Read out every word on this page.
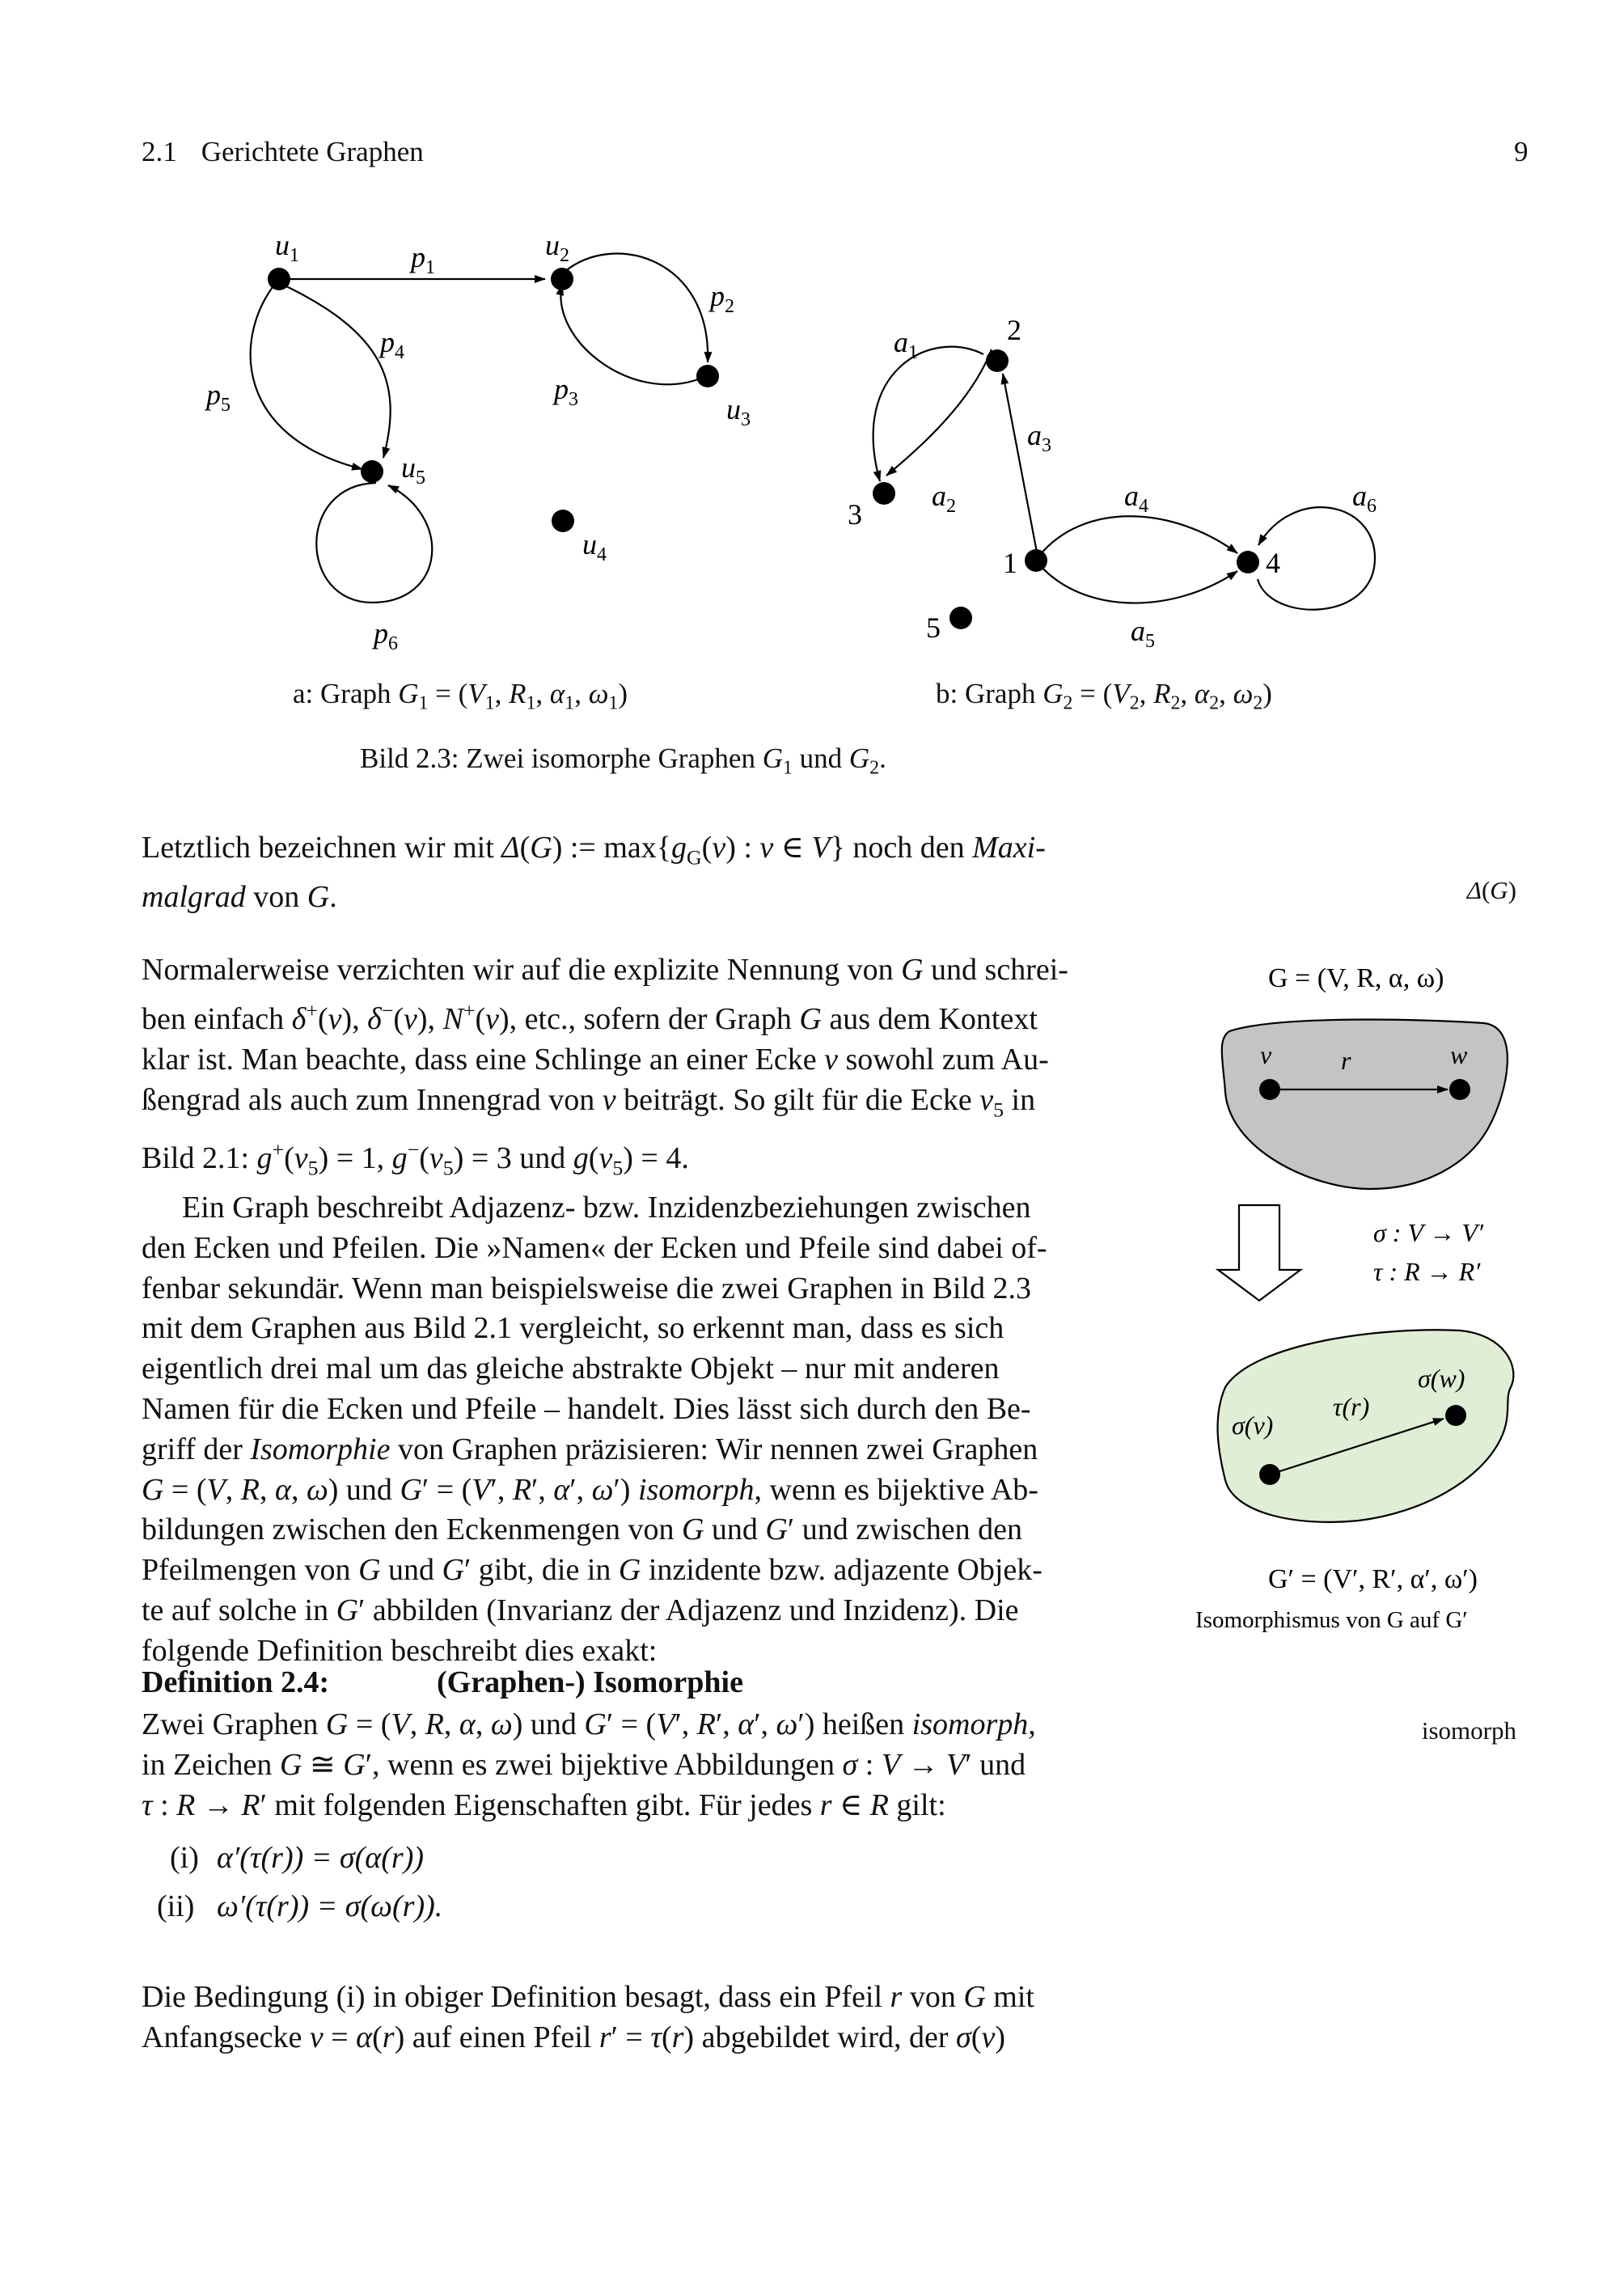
2.1 Gerichtete Graphen	9
$u_1$	$u_2$
$u_3$
$u_4$
$u_5$
$p_1$
$p_2$
$p_3$
$p_4$
$p_5$
$p_6$
1
2
3
4
5
$a_1$
$a_2$
$a_3$
$a_4$
$a_5$
$a_6$
a: Graph $G_1 = (V_1$, $R_1$, $\alpha_1$, $\omega_1$)	b: Graph $G_2 = (V_2$, $R_2$, $\alpha_2$, $\omega_2$)
Bild 2.3: Zwei isomorphe Graphen $G_1$ und $G_2$.

Letztlich bezeichnen wir mit Δ(G) := $\max\{g_G(v)$ : v ∈ V} noch den Maxi-
malgrad von G.	Δ(G)

Normalerweise verzichten wir auf die explizite Nennung von G und schrei-
ben einfach δ+(v), δ−(v), N+(v), etc., sofern der Graph G aus dem Kontext
klar ist. Man beachte, dass eine Schlinge an einer Ecke v sowohl zum Au-
ßengrad als auch zum Innengrad von v beiträgt. So gilt für die Ecke $v_5$ in
Bild 2.1: $g^+(v_5) = 1$, $g^-(v_5) = 3$ und $g(v_5) = 4$.

Ein Graph beschreibt Adjazenz- bzw. Inzidenzbeziehungen zwischen
den Ecken und Pfeilen. Die »Namen« der Ecken und Pfeile sind dabei of-
fenbar sekundär. Wenn man beispielsweise die zwei Graphen in Bild 2.3
mit dem Graphen aus Bild 2.1 vergleicht, so erkennt man, dass es sich
eigentlich drei mal um das gleiche abstrakte Objekt – nur mit anderen
Namen für die Ecken und Pfeile – handelt. Dies lässt sich durch den Be-
griff der Isomorphie von Graphen präzisieren: Wir nennen zwei Graphen
G = (V, R, α, ω) und G′ = (V′, R′, α′, ω′) isomorph, wenn es bijektive Ab-
bildungen zwischen den Eckenmengen von G und G′ und zwischen den
Pfeilmengen von G und G′ gibt, die in G inzidente bzw. adjazente Objek-
te auf solche in G′ abbilden (Invarianz der Adjazenz und Inzidenz). Die
folgende Definition beschreibt dies exakt:

Definition 2.4:	(Graphen-) Isomorphie

Zwei Graphen G = (V, R, α, ω) und G′ = (V′, R′, α′, ω′) heißen isomorph,
in Zeichen G ≅ G′, wenn es zwei bijektive Abbildungen σ : V → V′ und
τ : R → R′ mit folgenden Eigenschaften gibt. Für jedes r ∈ R gilt:

isomorph
(i) α′(τ(r)) = σ(α(r))
(ii) ω′(τ(r)) = σ(ω(r)).

Die Bedingung (i) in obiger Definition besagt, dass ein Pfeil r von G mit
Anfangsecke v = α(r) auf einen Pfeil r′ = τ(r) abgebildet wird, der σ(v)

G = (V, R, α, ω)
v	r	w
σ : V → V′
τ : R → R′
σ(v)
τ(r)
σ(w)
G′ = (V′, R′, α′, ω′)
Isomorphismus von G auf G′
